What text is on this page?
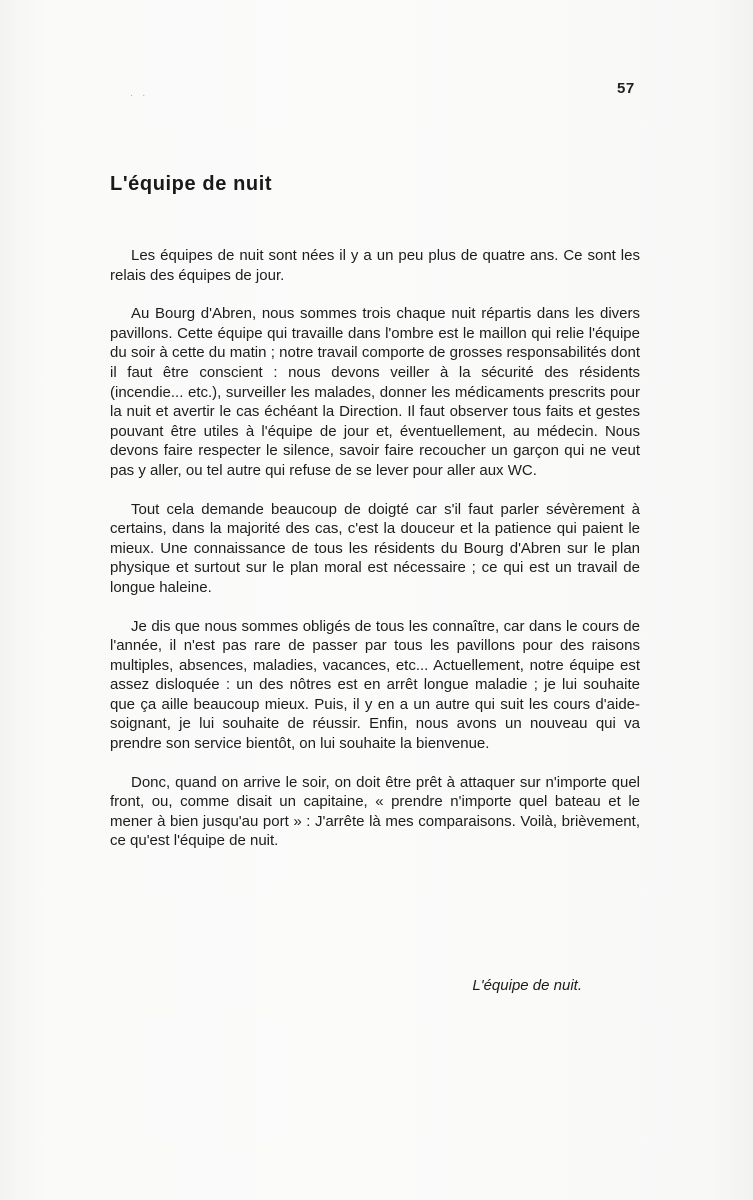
· ·	57
L'équipe de nuit

Les équipes de nuit sont nées il y a un peu plus de quatre ans. Ce sont les relais des équipes de jour.

Au Bourg d'Abren, nous sommes trois chaque nuit répartis dans les divers pavillons. Cette équipe qui travaille dans l'ombre est le maillon qui relie l'équipe du soir à cette du matin ; notre travail comporte de grosses responsabilités dont il faut être conscient : nous devons veiller à la sécurité des résidents (incendie... etc.), surveiller les malades, donner les médicaments prescrits pour la nuit et avertir le cas échéant la Direction. Il faut observer tous faits et gestes pouvant être utiles à l'équipe de jour et, éventuellement, au médecin. Nous devons faire respecter le silence, savoir faire recoucher un garçon qui ne veut pas y aller, ou tel autre qui refuse de se lever pour aller aux WC.

Tout cela demande beaucoup de doigté car s'il faut parler sévèrement à certains, dans la majorité des cas, c'est la douceur et la patience qui paient le mieux. Une connaissance de tous les résidents du Bourg d'Abren sur le plan physique et surtout sur le plan moral est nécessaire ; ce qui est un travail de longue haleine.

Je dis que nous sommes obligés de tous les connaître, car dans le cours de l'année, il n'est pas rare de passer par tous les pavillons pour des raisons multiples, absences, maladies, vacances, etc... Actuellement, notre équipe est assez disloquée : un des nôtres est en arrêt longue maladie ; je lui souhaite que ça aille beaucoup mieux. Puis, il y en a un autre qui suit les cours d'aide-soignant, je lui souhaite de réussir. Enfin, nous avons un nouveau qui va prendre son service bientôt, on lui souhaite la bienvenue.

Donc, quand on arrive le soir, on doit être prêt à attaquer sur n'importe quel front, ou, comme disait un capitaine, « prendre n'importe quel bateau et le mener à bien jusqu'au port » : J'arrête là mes comparaisons. Voilà, brièvement, ce qu'est l'équipe de nuit.

L'équipe de nuit.
